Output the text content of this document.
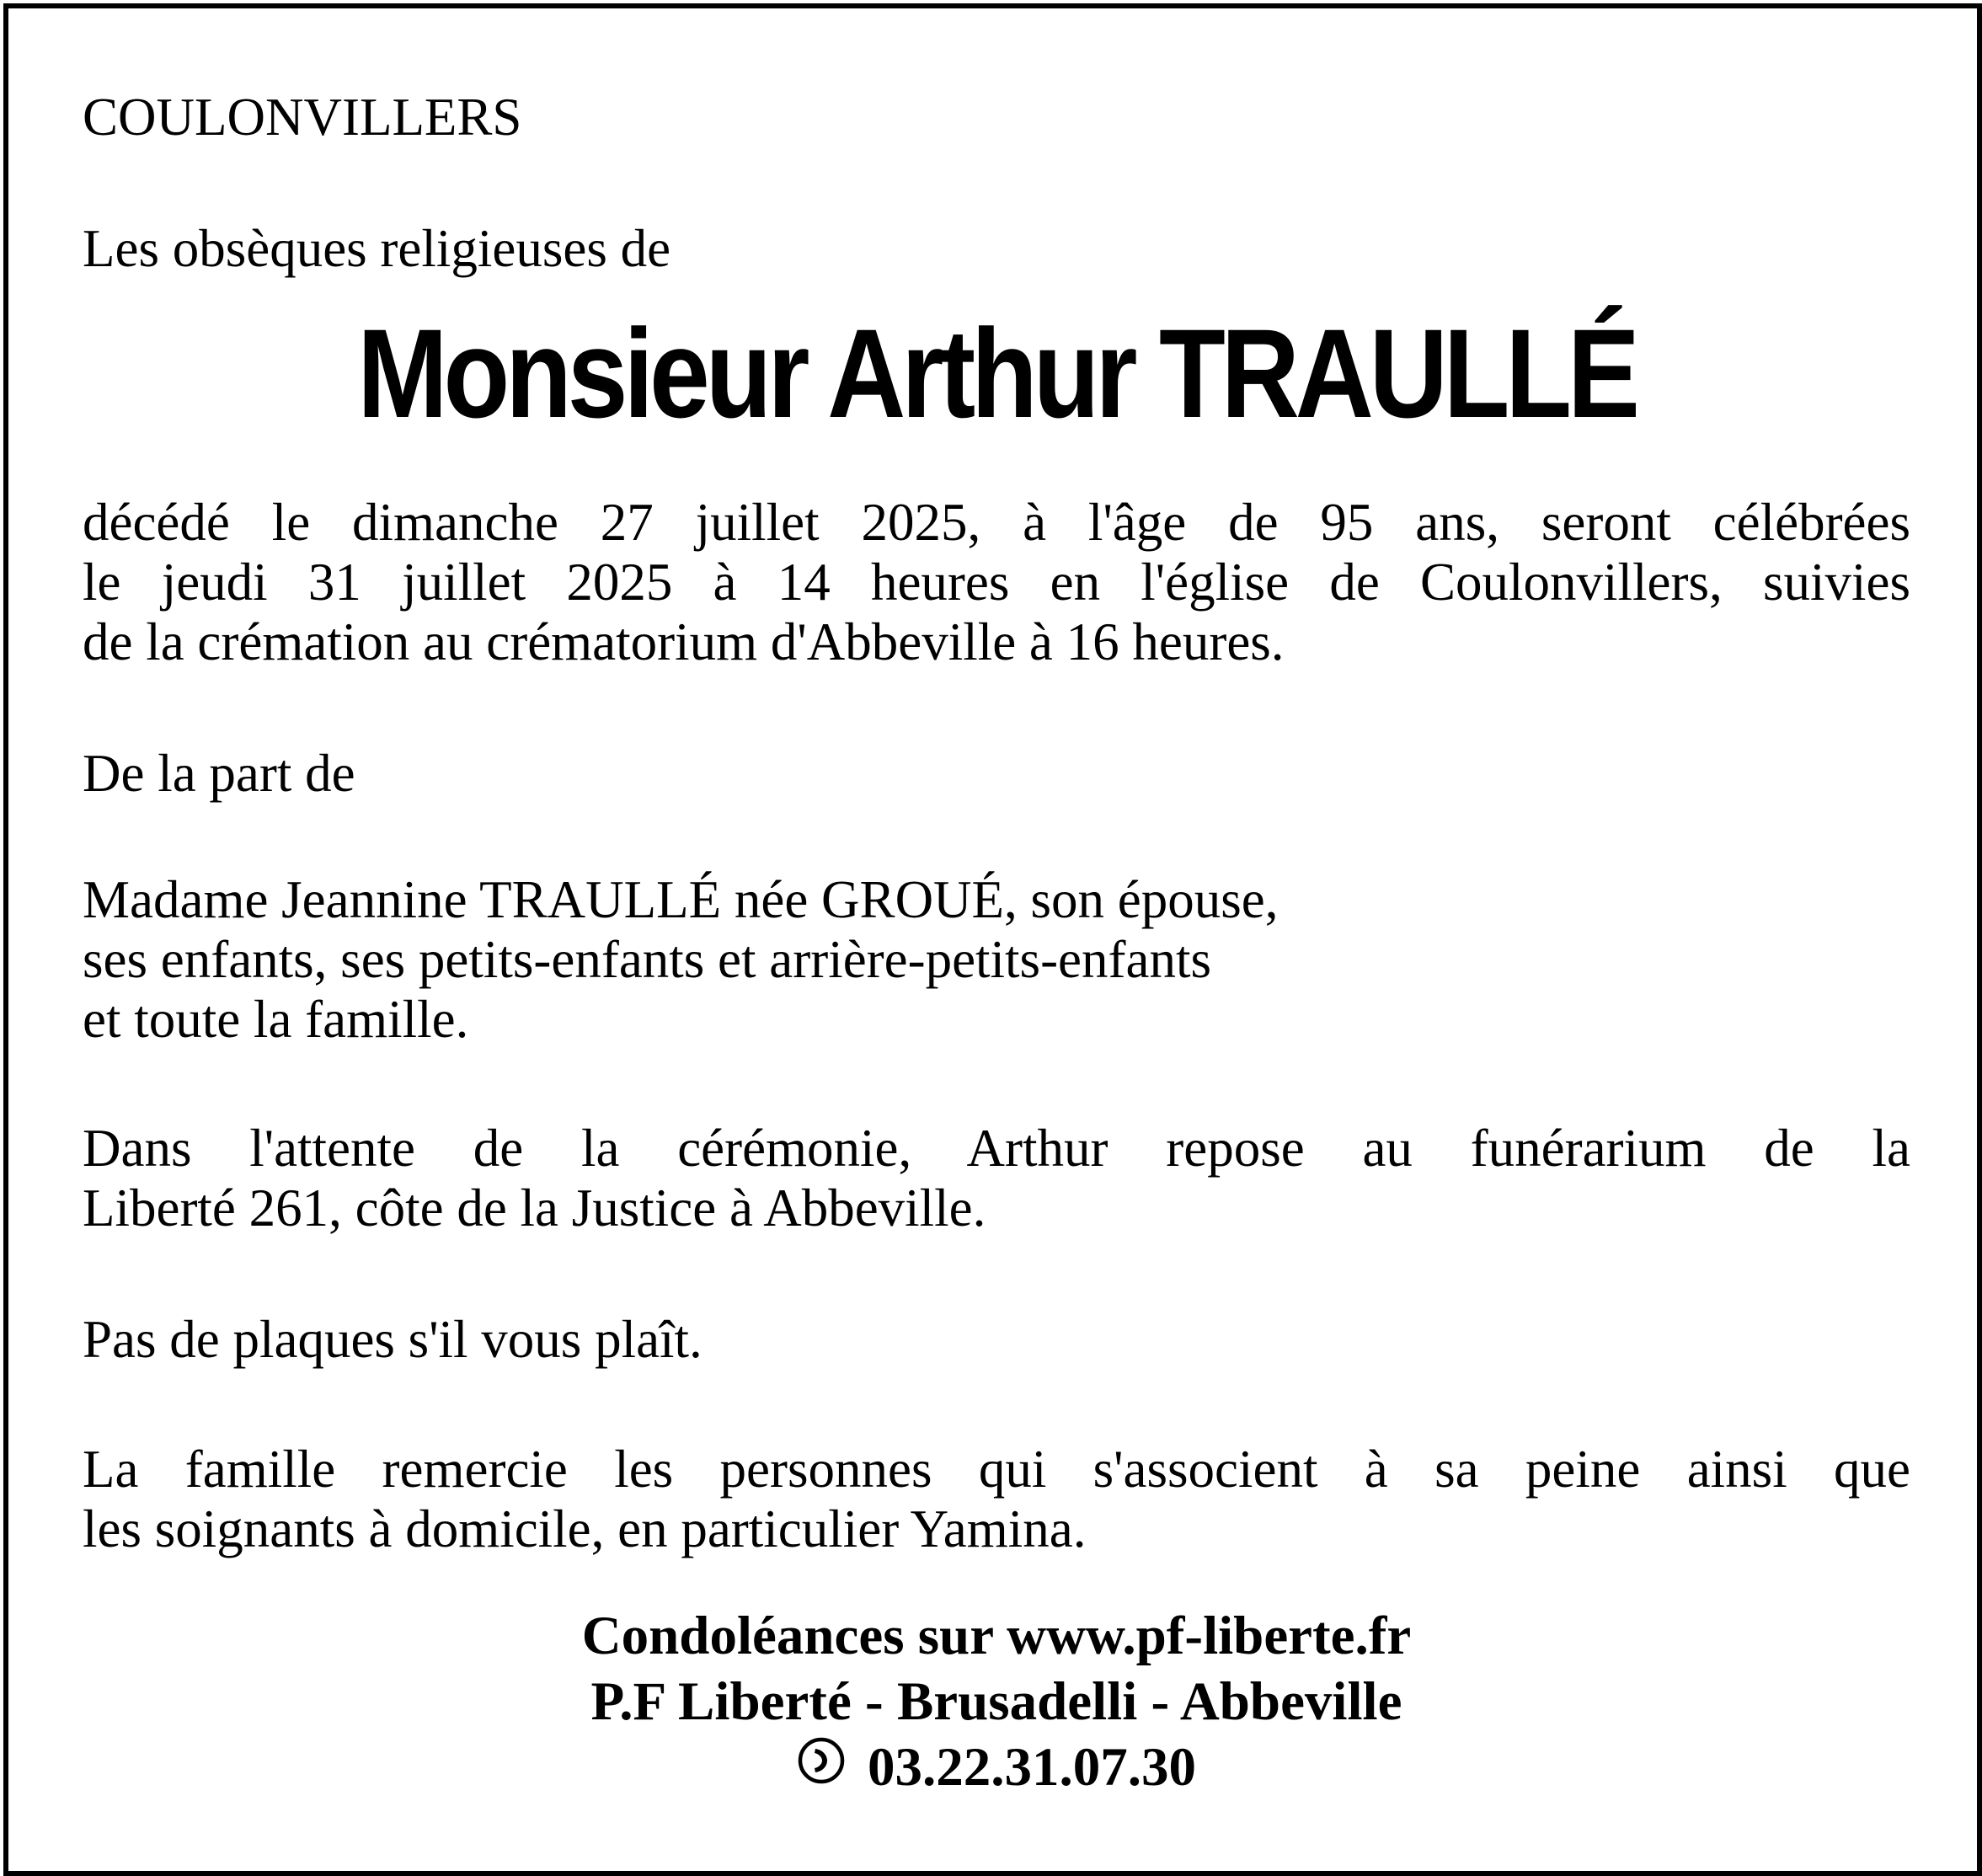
COULONVILLERS
Les obsèques religieuses de
Monsieur Arthur TRAULLÉ
décédé le dimanche 27 juillet 2025, à l'âge de 95 ans, seront célébrées
le jeudi 31 juillet 2025 à 14 heures en l'église de Coulonvillers, suivies
de la crémation au crématorium d'Abbeville à 16 heures.
De la part de
Madame Jeannine TRAULLÉ née GROUÉ, son épouse,
ses enfants, ses petits-enfants et arrière-petits-enfants
et toute la famille.
Dans l'attente de la cérémonie, Arthur repose au funérarium de la
Liberté 261, côte de la Justice à Abbeville.
Pas de plaques s'il vous plaît.
La famille remercie les personnes qui s'associent à sa peine ainsi que
les soignants à domicile, en particulier Yamina.
Condoléances sur www.pf-liberte.fr
P.F Liberté - Brusadelli - Abbeville
03.22.31.07.30
